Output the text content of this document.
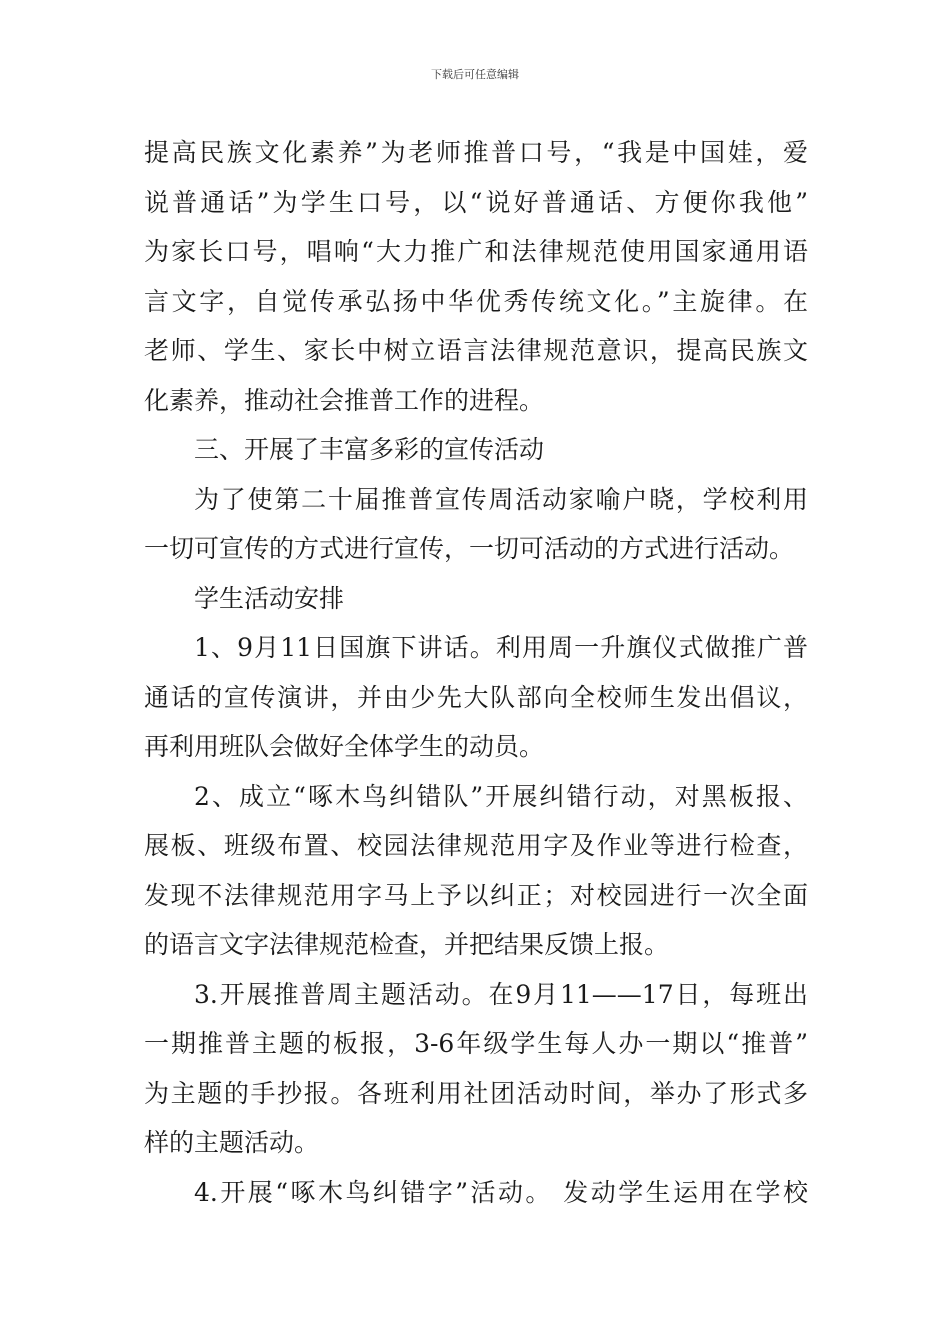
下载后可任意编辑
提高民族文化素养”为老师推普口号，“我是中国娃，爱
说普通话”为学生口号，以“说好普通话、方便你我他”
为家长口号，唱响“大力推广和法律规范使用国家通用语
言文字，自觉传承弘扬中华优秀传统文化。”主旋律。在
老师、学生、家长中树立语言法律规范意识，提高民族文
化素养，推动社会推普工作的进程。
三、开展了丰富多彩的宣传活动
为了使第二十届推普宣传周活动家喻户晓，学校利用
一切可宣传的方式进行宣传，一切可活动的方式进行活动。
学生活动安排
1、9月11日国旗下讲话。利用周一升旗仪式做推广普
通话的宣传演讲，并由少先大队部向全校师生发出倡议，
再利用班队会做好全体学生的动员。
2、成立“啄木鸟纠错队”开展纠错行动，对黑板报、
展板、班级布置、校园法律规范用字及作业等进行检查，
发现不法律规范用字马上予以纠正；对校园进行一次全面
的语言文字法律规范检查，并把结果反馈上报。
3.开展推普周主题活动。在9月11——17日，每班出
一期推普主题的板报，3-6年级学生每人办一期以“推普”
为主题的手抄报。各班利用社团活动时间，举办了形式多
样的主题活动。
4.开展“啄木鸟纠错字”活动。 发动学生运用在学校
